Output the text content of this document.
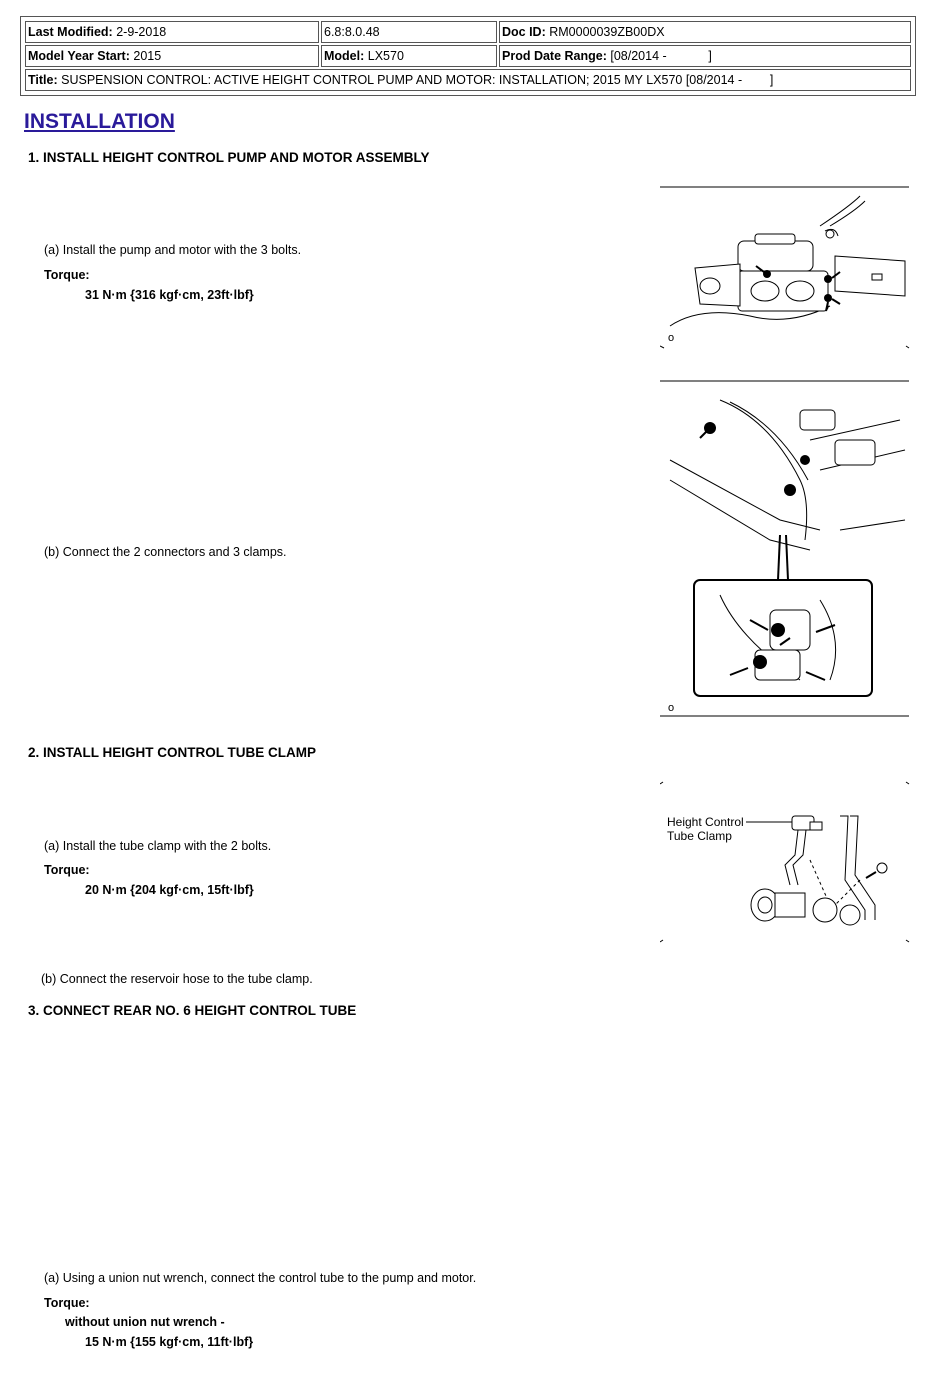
Last Modified: 2-9-2018	6.8:8.0.48	Doc ID: RM0000039ZB00DX
Model Year Start: 2015	Model: LX570	Prod Date Range: [08/2014 -            ]
Title: SUSPENSION CONTROL: ACTIVE HEIGHT CONTROL PUMP AND MOTOR: INSTALLATION; 2015 MY LX570 [08/2014 -        ]		
INSTALLATION
1. INSTALL HEIGHT CONTROL PUMP AND MOTOR ASSEMBLY
(a) Install the pump and motor with the 3 bolts.
Torque:
31 N·m {316 kgf·cm, 23ft·lbf}
(b) Connect the 2 connectors and 3 clamps.
2. INSTALL HEIGHT CONTROL TUBE CLAMP
(a) Install the tube clamp with the 2 bolts.
Torque:
20 N·m {204 kgf·cm, 15ft·lbf}
(b) Connect the reservoir hose to the tube clamp.
3. CONNECT REAR NO. 6 HEIGHT CONTROL TUBE
(a) Using a union nut wrench, connect the control tube to the pump and motor.
Torque:
without union nut wrench -
15 N·m {155 kgf·cm, 11ft·lbf}
o
o
Height Control
Tube Clamp
